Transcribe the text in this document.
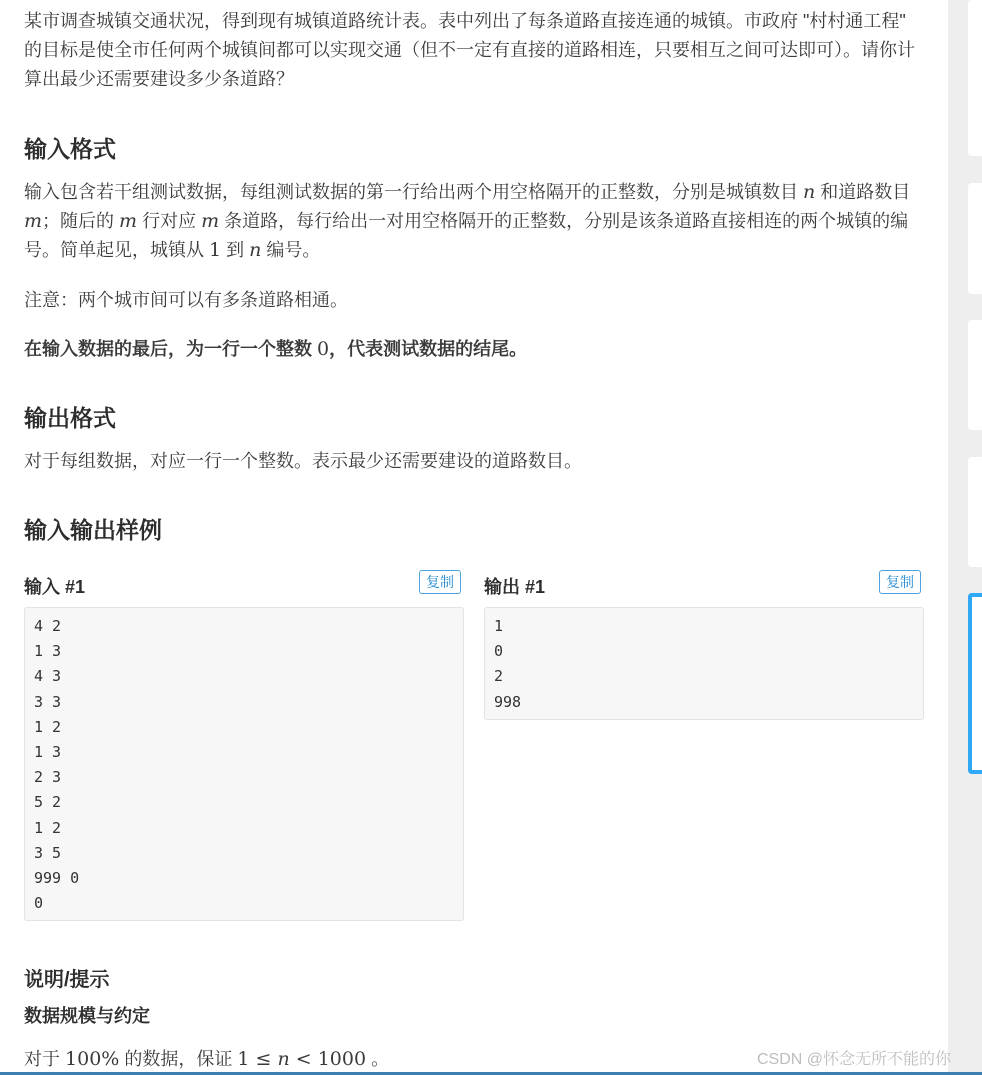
某市调查城镇交通状况，得到现有城镇道路统计表。表中列出了每条道路直接连通的城镇。市政府 "村村通工程" 的目标是使全市任何两个城镇间都可以实现交通（但不一定有直接的道路相连，只要相互之间可达即可）。请你计算出最少还需要建设多少条道路？

输入格式

输入包含若干组测试数据，每组测试数据的第一行给出两个用空格隔开的正整数，分别是城镇数目 n 和道路数目 m；随后的 m 行对应 m 条道路，每行给出一对用空格隔开的正整数，分别是该条道路直接相连的两个城镇的编号。简单起见，城镇从 1 到 n 编号。

注意：两个城市间可以有多条道路相通。

在输入数据的最后，为一行一个整数 0，代表测试数据的结尾。

输出格式

对于每组数据，对应一行一个整数。表示最少还需要建设的道路数目。

输入输出样例
输入 #1	复制	输出 #1	复制
4 2
1 3
4 3
3 3
1 2
1 3
2 3
5 2
1 2
3 5
999 0
0
1
0
2
998
说明/提示
数据规模与约定

对于 100% 的数据，保证 1 ≤ n < 1000 。	CSDN @怀念无所不能的你
